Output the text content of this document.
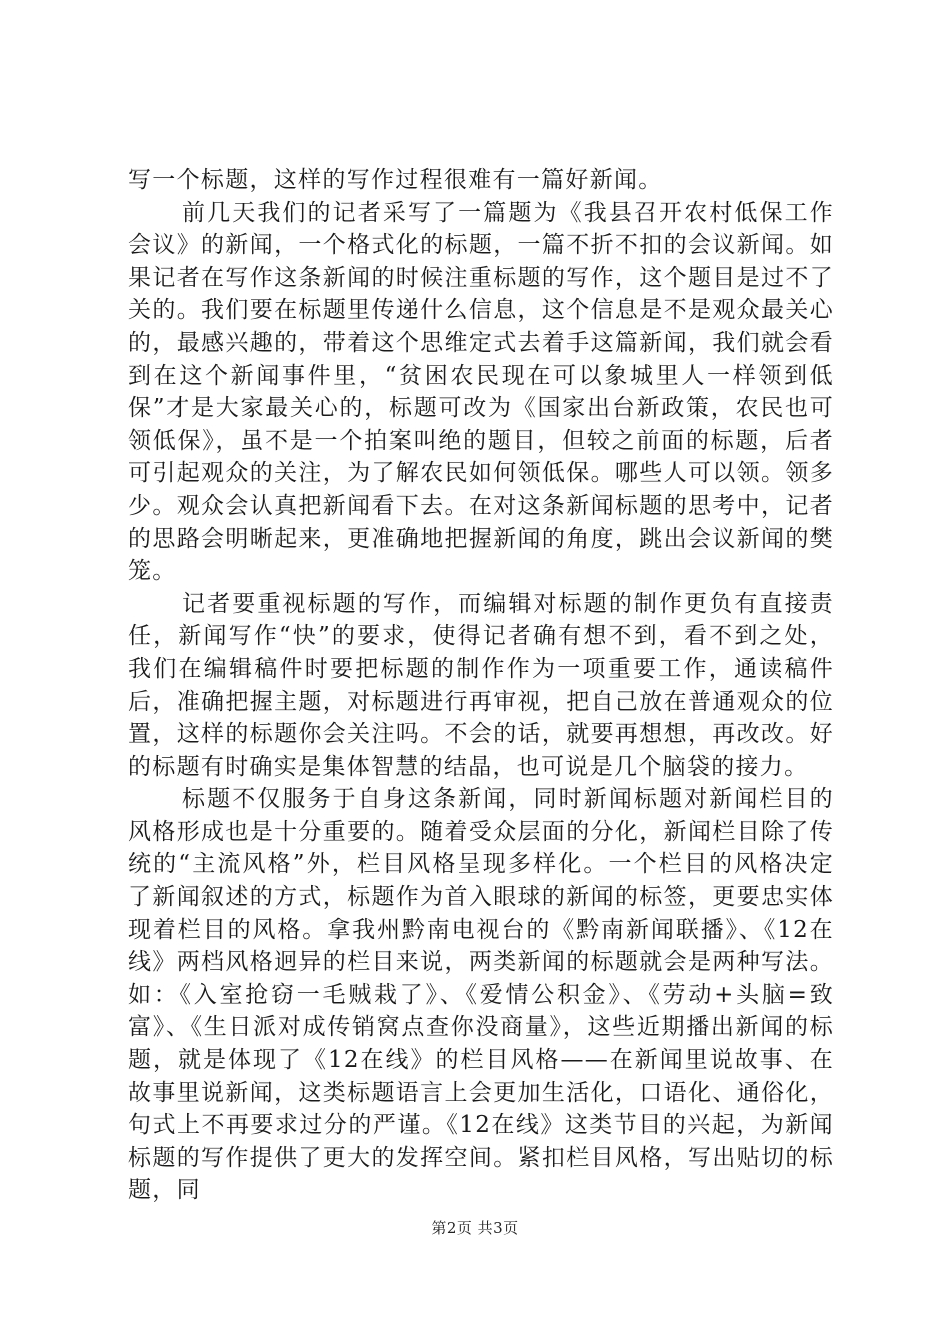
写一个标题，这样的写作过程很难有一篇好新闻。

前几天我们的记者采写了一篇题为《我县召开农村低保工作会议》的新闻，一个格式化的标题，一篇不折不扣的会议新闻。如果记者在写作这条新闻的时候注重标题的写作，这个题目是过不了关的。我们要在标题里传递什么信息，这个信息是不是观众最关心的，最感兴趣的，带着这个思维定式去着手这篇新闻，我们就会看到在这个新闻事件里，“贫困农民现在可以象城里人一样领到低保”才是大家最关心的，标题可改为《国家出台新政策，农民也可领低保》，虽不是一个拍案叫绝的题目，但较之前面的标题，后者可引起观众的关注，为了解农民如何领低保。哪些人可以领。领多少。观众会认真把新闻看下去。在对这条新闻标题的思考中，记者的思路会明晰起来，更准确地把握新闻的角度，跳出会议新闻的樊笼。

记者要重视标题的写作，而编辑对标题的制作更负有直接责任，新闻写作“快”的要求，使得记者确有想不到，看不到之处，我们在编辑稿件时要把标题的制作作为一项重要工作，通读稿件后，准确把握主题，对标题进行再审视，把自己放在普通观众的位置，这样的标题你会关注吗。不会的话，就要再想想，再改改。好的标题有时确实是集体智慧的结晶，也可说是几个脑袋的接力。

标题不仅服务于自身这条新闻，同时新闻标题对新闻栏目的风格形成也是十分重要的。随着受众层面的分化，新闻栏目除了传统的“主流风格”外，栏目风格呈现多样化。一个栏目的风格决定了新闻叙述的方式，标题作为首入眼球的新闻的标签，更要忠实体现着栏目的风格。拿我州黔南电视台的《黔南新闻联播》、《12在线》两档风格迥异的栏目来说，两类新闻的标题就会是两种写法。如：《入室抢窃一毛贼栽了》、《爱情公积金》、《劳动+头脑=致富》、《生日派对成传销窝点查你没商量》，这些近期播出新闻的标题，就是体现了《12在线》的栏目风格——在新闻里说故事、在故事里说新闻，这类标题语言上会更加生活化，口语化、通俗化，句式上不再要求过分的严谨。《12在线》这类节目的兴起，为新闻标题的写作提供了更大的发挥空间。紧扣栏目风格，写出贴切的标题，同

第2页 共3页
